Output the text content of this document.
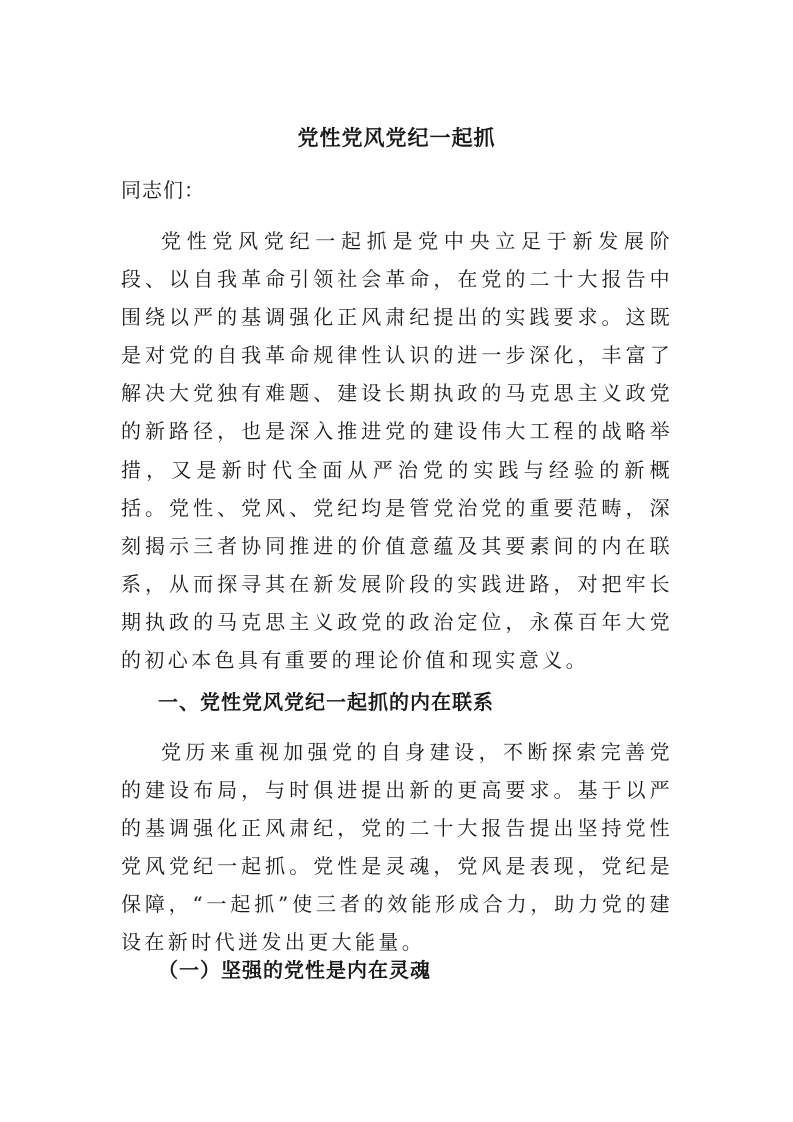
党性党风党纪一起抓
同志们：

党性党风党纪一起抓是党中央立足于新发展阶段、以自我革命引领社会革命，在党的二十大报告中围绕以严的基调强化正风肃纪提出的实践要求。这既是对党的自我革命规律性认识的进一步深化，丰富了解决大党独有难题、建设长期执政的马克思主义政党的新路径，也是深入推进党的建设伟大工程的战略举措，又是新时代全面从严治党的实践与经验的新概括。党性、党风、党纪均是管党治党的重要范畴，深刻揭示三者协同推进的价值意蕴及其要素间的内在联系，从而探寻其在新发展阶段的实践进路，对把牢长期执政的马克思主义政党的政治定位，永葆百年大党的初心本色具有重要的理论价值和现实意义。

一、党性党风党纪一起抓的内在联系

党历来重视加强党的自身建设，不断探索完善党的建设布局，与时俱进提出新的更高要求。基于以严的基调强化正风肃纪，党的二十大报告提出坚持党性党风党纪一起抓。党性是灵魂，党风是表现，党纪是保障，“一起抓”使三者的效能形成合力，助力党的建设在新时代迸发出更大能量。

（一）坚强的党性是内在灵魂
